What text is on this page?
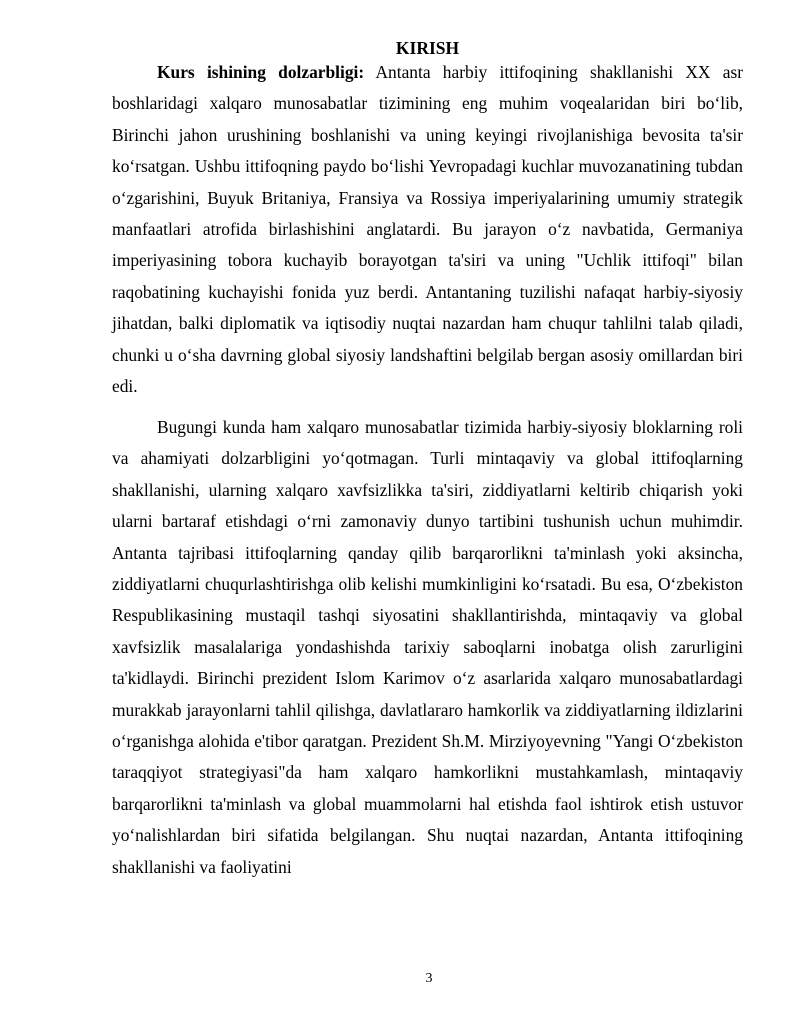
KIRISH

Kurs ishining dolzarbligi: Antanta harbiy ittifoqining shakllanishi XX asr boshlaridagi xalqaro munosabatlar tizimining eng muhim voqealaridan biri bo‘lib, Birinchi jahon urushining boshlanishi va uning keyingi rivojlanishiga bevosita ta'sir ko‘rsatgan. Ushbu ittifoqning paydo bo‘lishi Yevropadagi kuchlar muvozanatining tubdan o‘zgarishini, Buyuk Britaniya, Fransiya va Rossiya imperiyalarining umumiy strategik manfaatlari atrofida birlashishini anglatardi. Bu jarayon o‘z navbatida, Germaniya imperiyasining tobora kuchayib borayotgan ta'siri va uning "Uchlik ittifoqi" bilan raqobatining kuchayishi fonida yuz berdi. Antantaning tuzilishi nafaqat harbiy-siyosiy jihatdan, balki diplomatik va iqtisodiy nuqtai nazardan ham chuqur tahlilni talab qiladi, chunki u o‘sha davrning global siyosiy landshaftini belgilab bergan asosiy omillardan biri edi.

Bugungi kunda ham xalqaro munosabatlar tizimida harbiy-siyosiy bloklarning roli va ahamiyati dolzarbligini yo‘qotmagan. Turli mintaqaviy va global ittifoqlarning shakllanishi, ularning xalqaro xavfsizlikka ta'siri, ziddiyatlarni keltirib chiqarish yoki ularni bartaraf etishdagi o‘rni zamonaviy dunyo tartibini tushunish uchun muhimdir. Antanta tajribasi ittifoqlarning qanday qilib barqarorlikni ta'minlash yoki aksincha, ziddiyatlarni chuqurlashtirishga olib kelishi mumkinligini ko‘rsatadi. Bu esa, O‘zbekiston Respublikasining mustaqil tashqi siyosatini shakllantirishda, mintaqaviy va global xavfsizlik masalalariga yondashishda tarixiy saboqlarni inobatga olish zarurligini ta'kidlaydi. Birinchi prezident Islom Karimov o‘z asarlarida xalqaro munosabatlardagi murakkab jarayonlarni tahlil qilishga, davlatlararo hamkorlik va ziddiyatlarning ildizlarini o‘rganishga alohida e'tibor qaratgan. Prezident Sh.M. Mirziyoyevning "Yangi O‘zbekiston taraqqiyot strategiyasi"da ham xalqaro hamkorlikni mustahkamlash, mintaqaviy barqarorlikni ta'minlash va global muammolarni hal etishda faol ishtirok etish ustuvor yo‘nalishlardan biri sifatida belgilangan. Shu nuqtai nazardan, Antanta ittifoqining shakllanishi va faoliyatini

3
